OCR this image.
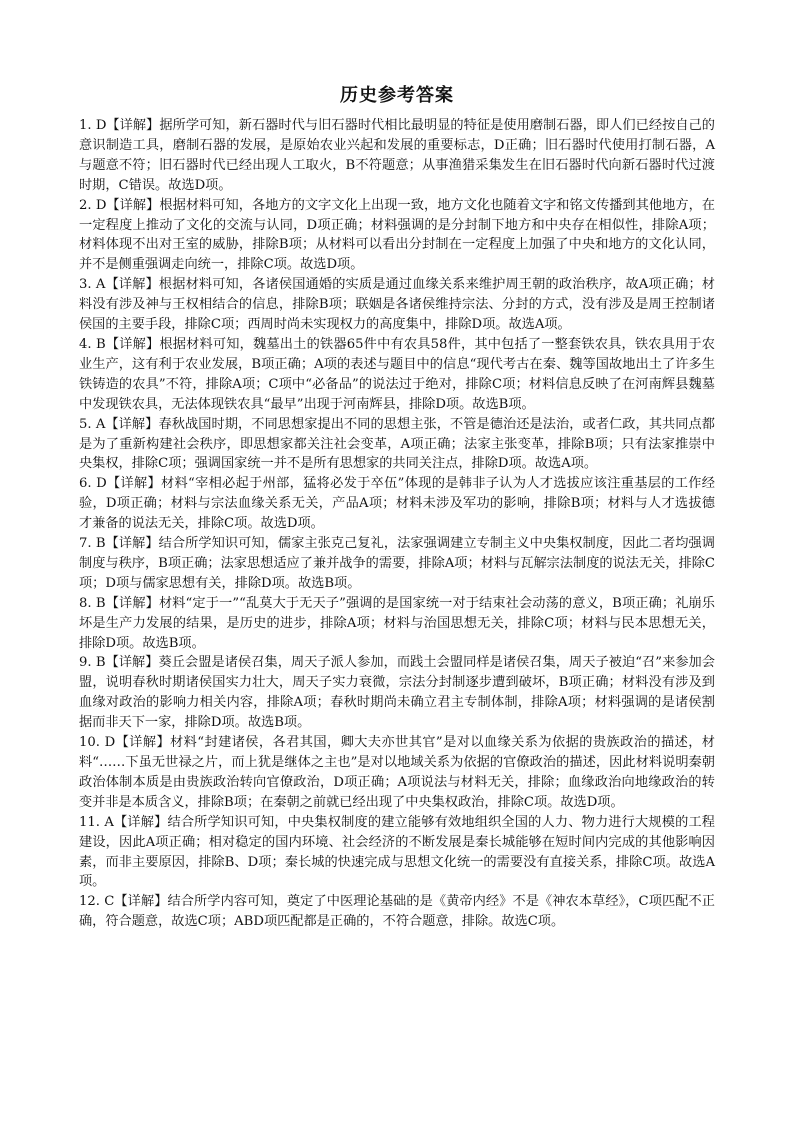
历史参考答案

1. D【详解】据所学可知，新石器时代与旧石器时代相比最明显的特征是使用磨制石器，即人们已经按自己的意识制造工具，磨制石器的发展，是原始农业兴起和发展的重要标志，D正确；旧石器时代使用打制石器，A与题意不符；旧石器时代已经出现人工取火，B不符题意；从事渔猎采集发生在旧石器时代向新石器时代过渡时期，C错误。故选D项。

2. D【详解】根据材料可知，各地方的文字文化上出现一致，地方文化也随着文字和铭文传播到其他地方，在一定程度上推动了文化的交流与认同，D项正确；材料强调的是分封制下地方和中央存在相似性，排除A项；材料体现不出对王室的威胁，排除B项；从材料可以看出分封制在一定程度上加强了中央和地方的文化认同，并不是侧重强调走向统一，排除C项。故选D项。

3. A【详解】根据材料可知，各诸侯国通婚的实质是通过血缘关系来维护周王朝的政治秩序，故A项正确；材料没有涉及神与王权相结合的信息，排除B项；联姻是各诸侯维持宗法、分封的方式，没有涉及是周王控制诸侯国的主要手段，排除C项；西周时尚未实现权力的高度集中，排除D项。故选A项。

4. B【详解】根据材料可知，魏墓出土的铁器65件中有农具58件，其中包括了一整套铁农具，铁农具用于农业生产，这有利于农业发展，B项正确；A项的表述与题目中的信息“现代考古在秦、魏等国故地出土了许多生铁铸造的农具”不符，排除A项；C项中“必备品”的说法过于绝对，排除C项；材料信息反映了在河南辉县魏墓中发现铁农具，无法体现铁农具“最早”出现于河南辉县，排除D项。故选B项。

5. A【详解】春秋战国时期，不同思想家提出不同的思想主张，不管是德治还是法治，或者仁政，其共同点都是为了重新构建社会秩序，即思想家都关注社会变革，A项正确；法家主张变革，排除B项；只有法家推崇中央集权，排除C项；强调国家统一并不是所有思想家的共同关注点，排除D项。故选A项。

6. D【详解】材料“宰相必起于州部，猛将必发于卒伍”体现的是韩非子认为人才选拔应该注重基层的工作经验，D项正确；材料与宗法血缘关系无关，产品A项；材料未涉及军功的影响，排除B项；材料与人才选拔德才兼备的说法无关，排除C项。故选D项。

7. B【详解】结合所学知识可知，儒家主张克己复礼，法家强调建立专制主义中央集权制度，因此二者均强调制度与秩序，B项正确；法家思想适应了兼并战争的需要，排除A项；材料与瓦解宗法制度的说法无关，排除C项；D项与儒家思想有关，排除D项。故选B项。

8. B【详解】材料“定于一”“乱莫大于无天子”强调的是国家统一对于结束社会动荡的意义，B项正确；礼崩乐坏是生产力发展的结果，是历史的进步，排除A项；材料与治国思想无关，排除C项；材料与民本思想无关，排除D项。故选B项。

9. B【详解】葵丘会盟是诸侯召集，周天子派人参加，而践土会盟同样是诸侯召集，周天子被迫“召”来参加会盟，说明春秋时期诸侯国实力壮大，周天子实力衰微，宗法分封制逐步遭到破坏，B项正确；材料没有涉及到血缘对政治的影响力相关内容，排除A项；春秋时期尚未确立君主专制体制，排除A项；材料强调的是诸侯割据而非天下一家，排除D项。故选B项。

10. D【详解】材料“封建诸侯，各君其国，卿大夫亦世其官”是对以血缘关系为依据的贵族政治的描述，材料“……下虽无世禄之片，而上犹是继体之主也”是对以地域关系为依据的官僚政治的描述，因此材料说明秦朝政治体制本质是由贵族政治转向官僚政治，D项正确；A项说法与材料无关，排除；血缘政治向地缘政治的转变并非是本质含义，排除B项；在秦朝之前就已经出现了中央集权政治，排除C项。故选D项。

11. A【详解】结合所学知识可知，中央集权制度的建立能够有效地组织全国的人力、物力进行大规模的工程建设，因此A项正确；相对稳定的国内环境、社会经济的不断发展是秦长城能够在短时间内完成的其他影响因素，而非主要原因，排除B、D项；秦长城的快速完成与思想文化统一的需要没有直接关系，排除C项。故选A项。

12. C【详解】结合所学内容可知，奠定了中医理论基础的是《黄帝内经》不是《神农本草经》，C项匹配不正确，符合题意，故选C项；ABD项匹配都是正确的，不符合题意，排除。故选C项。
